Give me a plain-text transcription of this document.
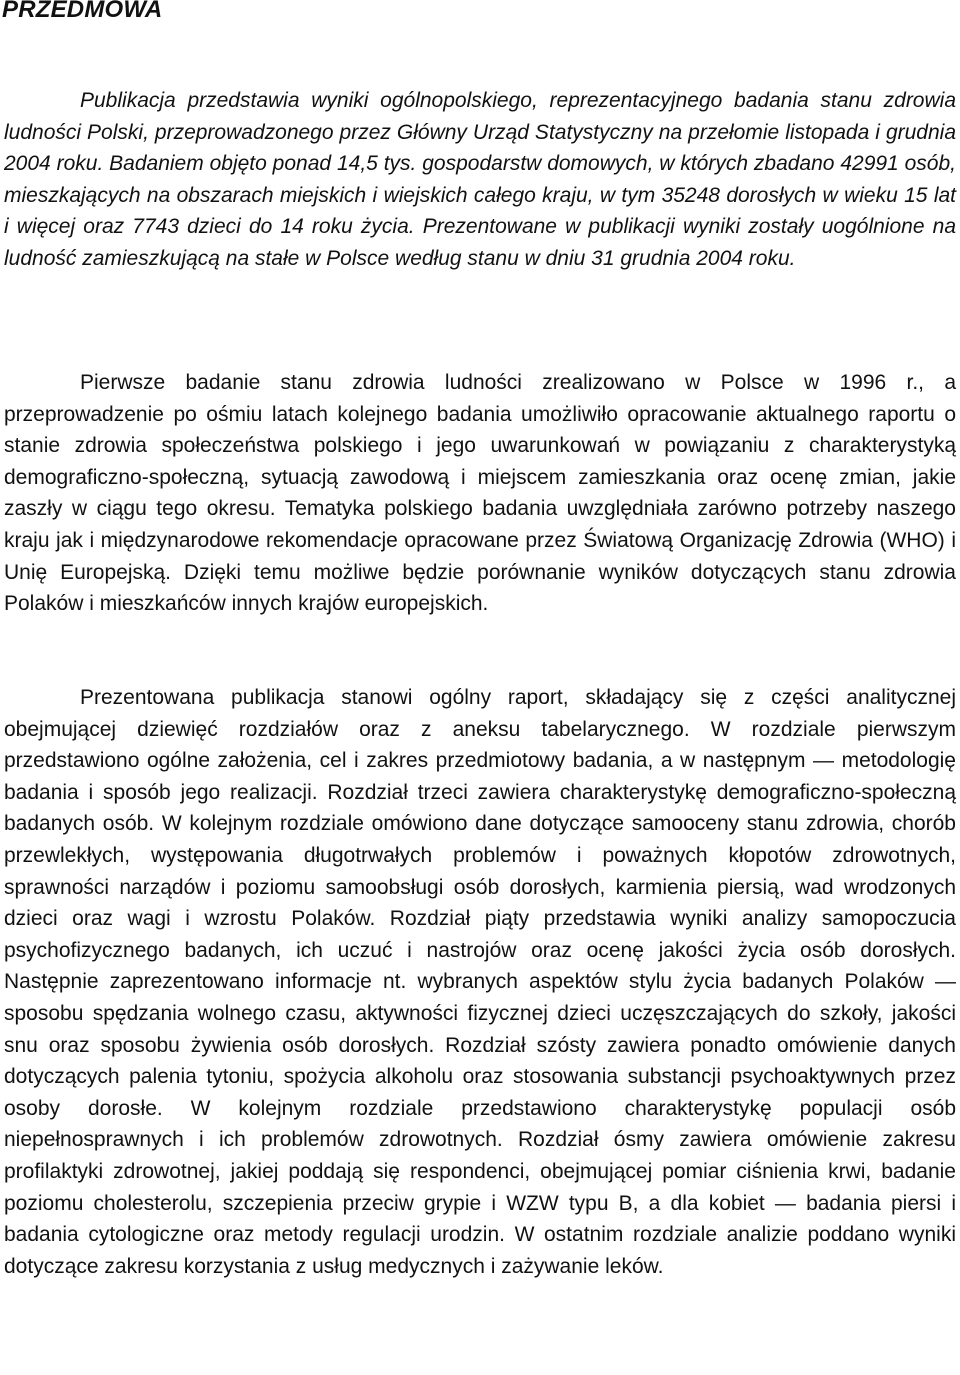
PRZEDMOWA

Publikacja przedstawia wyniki ogólnopolskiego, reprezentacyjnego badania stanu zdrowia ludności Polski, przeprowadzonego przez Główny Urząd Statystyczny na przełomie listopada i grudnia 2004 roku. Badaniem objęto ponad 14,5 tys. gospodarstw domowych, w których zbadano 42991 osób, mieszkających na obszarach miejskich i wiejskich całego kraju, w tym 35248 dorosłych w wieku 15 lat i więcej oraz 7743 dzieci do 14 roku życia. Prezentowane w publikacji wyniki zostały uogólnione na ludność zamieszkującą na stałe w Polsce według stanu w dniu 31 grudnia 2004 roku.

Pierwsze badanie stanu zdrowia ludności zrealizowano w Polsce w 1996 r., a przeprowadzenie po ośmiu latach kolejnego badania umożliwiło opracowanie aktualnego raportu o stanie zdrowia społeczeństwa polskiego i jego uwarunkowań w powiązaniu z charakterystyką demograficzno-społeczną, sytuacją zawodową i miejscem zamieszkania oraz ocenę zmian, jakie zaszły w ciągu tego okresu. Tematyka polskiego badania uwzględniała zarówno potrzeby naszego kraju jak i międzynarodowe rekomendacje opracowane przez Światową Organizację Zdrowia (WHO) i Unię Europejską. Dzięki temu możliwe będzie porównanie wyników dotyczących stanu zdrowia Polaków i mieszkańców innych krajów europejskich.

Prezentowana publikacja stanowi ogólny raport, składający się z części analitycznej obejmującej dziewięć rozdziałów oraz z aneksu tabelarycznego. W rozdziale pierwszym przedstawiono ogólne założenia, cel i zakres przedmiotowy badania, a w następnym — metodologię badania i sposób jego realizacji. Rozdział trzeci zawiera charakterystykę demograficzno-społeczną badanych osób. W kolejnym rozdziale omówiono dane dotyczące samooceny stanu zdrowia, chorób przewlekłych, występowania długotrwałych problemów i poważnych kłopotów zdrowotnych, sprawności narządów i poziomu samoobsługi osób dorosłych, karmienia piersią, wad wrodzonych dzieci oraz wagi i wzrostu Polaków. Rozdział piąty przedstawia wyniki analizy samopoczucia psychofizycznego badanych, ich uczuć i nastrojów oraz ocenę jakości życia osób dorosłych. Następnie zaprezentowano informacje nt. wybranych aspektów stylu życia badanych Polaków — sposobu spędzania wolnego czasu, aktywności fizycznej dzieci uczęszczających do szkoły, jakości snu oraz sposobu żywienia osób dorosłych. Rozdział szósty zawiera ponadto omówienie danych dotyczących palenia tytoniu, spożycia alkoholu oraz stosowania substancji psychoaktywnych przez osoby dorosłe. W kolejnym rozdziale przedstawiono charakterystykę populacji osób niepełnosprawnych i ich problemów zdrowotnych. Rozdział ósmy zawiera omówienie zakresu profilaktyki zdrowotnej, jakiej poddają się respondenci, obejmującej pomiar ciśnienia krwi, badanie poziomu cholesterolu, szczepienia przeciw grypie i WZW typu B, a dla kobiet — badania piersi i badania cytologiczne oraz metody regulacji urodzin. W ostatnim rozdziale analizie poddano wyniki dotyczące zakresu korzystania z usług medycznych i zażywanie leków.
